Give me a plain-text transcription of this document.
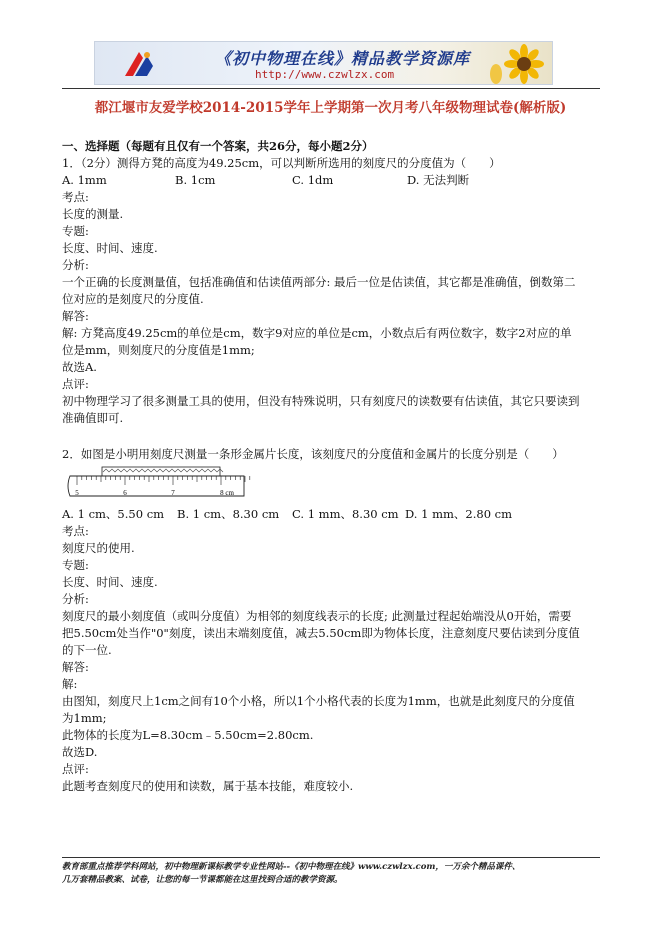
《初中物理在线》精品教学资源库
http://www.czwlzx.com
都江堰市友爱学校2014-2015学年上学期第一次月考八年级物理试卷(解析版)

一、选择题（每题有且仅有一个答案，共26分，每小题2分）

1．（2分）测得方凳的高度为49.25cm，可以判断所选用的刻度尺的分度值为（　　）

A. 1mm	B. 1cm	C. 1dm	D. 无法判断

考点:

长度的测量.

专题:

长度、时间、速度.

分析:

一个正确的长度测量值，包括准确值和估读值两部分: 最后一位是估读值，其它都是准确值，倒数第二

位对应的是刻度尺的分度值.

解答:

解: 方凳高度49.25cm的单位是cm，数字9对应的单位是cm，小数点后有两位数字，数字2对应的单

位是mm，则刻度尺的分度值是1mm;

故选A.

点评:

初中物理学习了很多测量工具的使用，但没有特殊说明，只有刻度尺的读数要有估读值，其它只要读到

准确值即可.

2．如图是小明用刻度尺测量一条形金属片长度，该刻度尺的分度值和金属片的长度分别是（　　）

5	6	7	8 cm

A. 1 cm、5.50 cm	B. 1 cm、8.30 cm	C. 1 mm、8.30 cm D. 1 mm、2.80 cm

考点:

刻度尺的使用.

专题:

长度、时间、速度.

分析:

刻度尺的最小刻度值（或叫分度值）为相邻的刻度线表示的长度; 此测量过程起始端没从0开始，需要

把5.50cm处当作"0"刻度，读出末端刻度值，减去5.50cm即为物体长度，注意刻度尺要估读到分度值

的下一位.

解答:

解:

由图知，刻度尺上1cm之间有10个小格，所以1个小格代表的长度为1mm，也就是此刻度尺的分度值

为1mm;

此物体的长度为L=8.30cm﹣5.50cm=2.80cm.

故选D.

点评:

此题考查刻度尺的使用和读数，属于基本技能，难度较小.

教育部重点推荐学科网站，初中物理新课标教学专业性网站--《初中物理在线》www.czwlzx.com，一万余个精品课件、
几万套精品教案、试卷，让您的每一节课都能在这里找到合适的教学资源。
